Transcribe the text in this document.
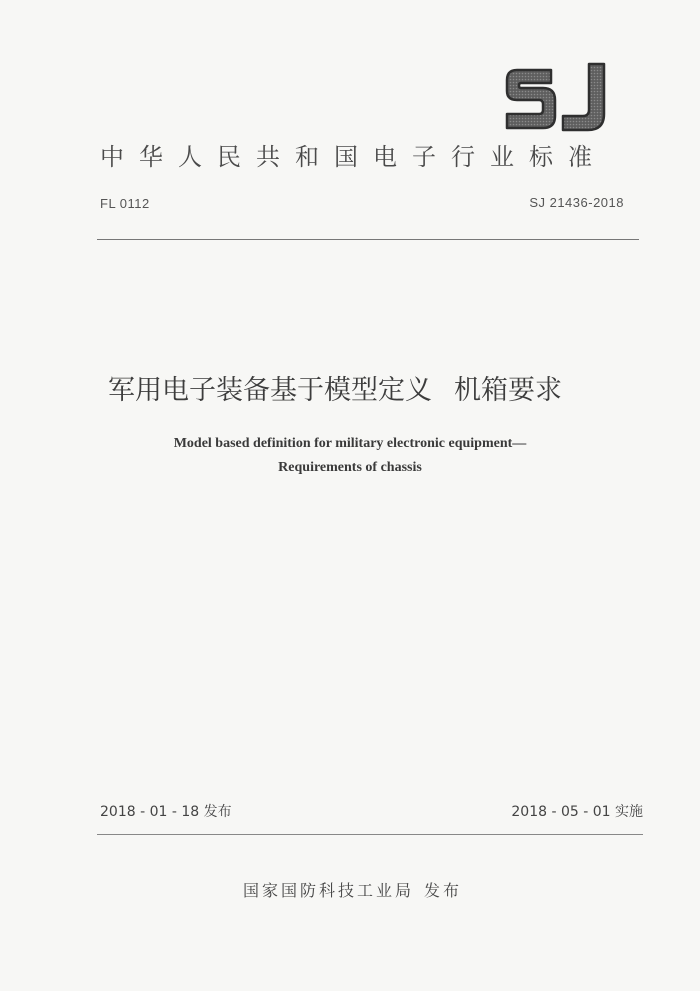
中华人民共和国电子行业标准
FL 0112	SJ 21436-2018
军用电子装备基于模型定义 机箱要求
Model based definition for military electronic equipment—
Requirements of chassis
2018 - 01 - 18 发布	2018 - 05 - 01 实施
国家国防科技工业局 发布
